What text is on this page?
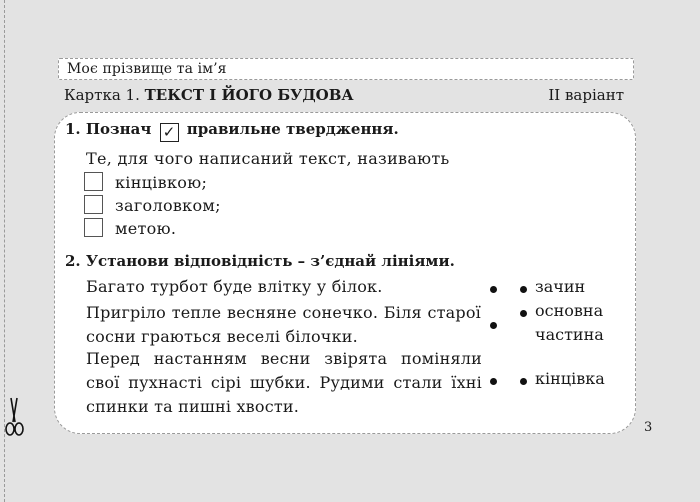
Моє прізвище та ім’я
Картка 1. ТЕКСТ І ЙОГО БУДОВА	ІІ варіант
1. Познач ✓ правильне твердження.
Те, для чого написаний текст, називають
кінцівкою;
заголовком;
метою.
2. Установи відповідність – з’єднай лініями.
Багато турбот буде влітку у білок.
Пригріло тепле весняне сонечко. Біля старої сосни граються веселі білочки.
Перед настанням весни звірята поміняли свої пухнасті сірі шубки. Рудими стали їхні спинки та пишні хвости.
зачин
основна
частина
кінцівка
3
